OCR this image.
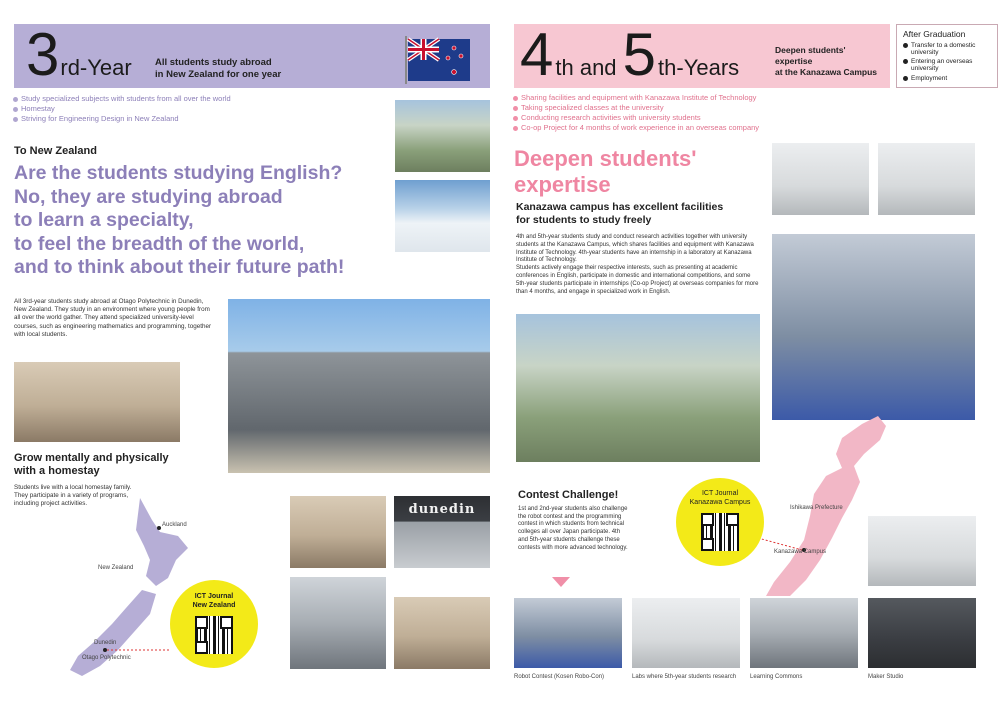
3rd-Year All students study abroad
in New Zealand for one year
Study specialized subjects with students from all over the world
Homestay
Striving for Engineering Design in New Zealand
To New Zealand
Are the students studying English?
No, they are studying abroad
to learn a specialty,
to feel the breadth of the world,
and to think about their future path!

All 3rd-year students study abroad at Otago Polytechnic in Dunedin, New Zealand. They study in an environment where young people from all over the world gather. They attend specialized university-level courses, such as engineering mathematics and programming, together with local students.

Grow mentally and physically
with a homestay

Students live with a local homestay family. They participate in a variety of programs, including project activities.

Auckland
New Zealand
Dunedin
Otago Polytechnic
ICT Journal
New Zealand
dunedin
4th and 5th-Years
Deepen students'
expertise
at the Kanazawa Campus
After Graduation
Transfer to a domestic university
Entering an overseas university
Employment
Sharing facilities and equipment with Kanazawa Institute of Technology
Taking specialized classes at the university
Conducting research activities with university students
Co-op Project for 4 months of work experience in an overseas company
Deepen students'
expertise
Kanazawa campus has excellent facilities
for students to study freely

4th and 5th-year students study and conduct research activities together with university students at the Kanazawa Campus, which shares facilities and equipment with Kanazawa Institute of Technology. 4th-year students have an internship in a laboratory at Kanazawa Institute of Technology.
Students actively engage their respective interests, such as presenting at academic conferences in English, participate in domestic and international competitions, and some 5th-year students participate in internships (Co-op Project) at overseas companies for more than 4 months, and engage in specialized work in English.

Ishikawa Prefecture
Kanazawa Campus
Contest Challenge!

1st and 2nd-year students also challenge the robot contest and the programming contest in which students from technical colleges all over Japan participate. 4th and 5th-year students challenge these contests with more advanced technology.

ICT Journal
Kanazawa Campus
Robot Contest (Kosen Robo-Con)	Labs where 5th-year students research Learning Commons	Maker Studio
